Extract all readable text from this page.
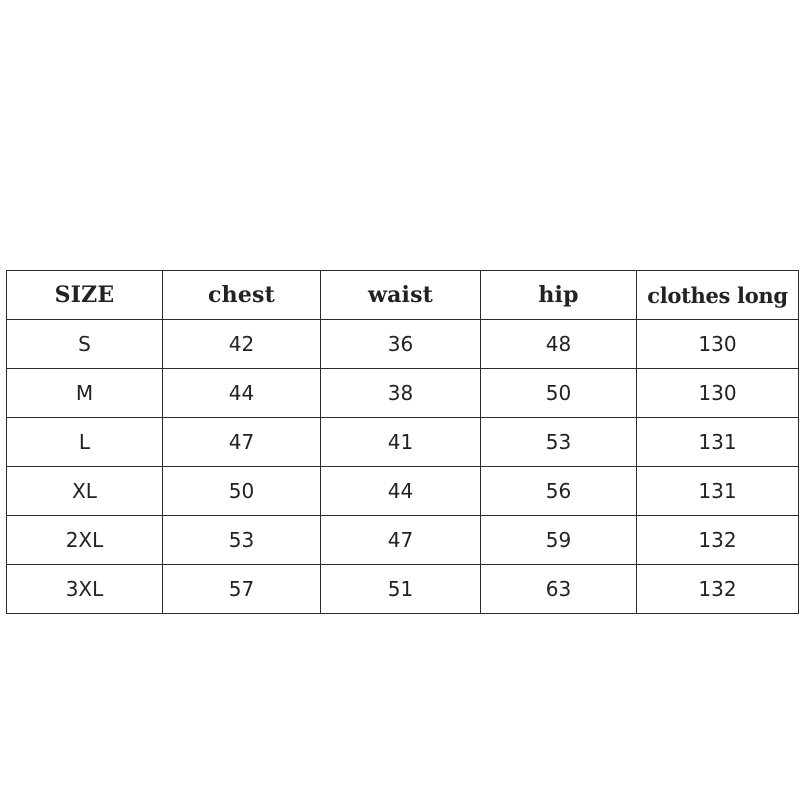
SIZE	chest	waist	hip	clothes long
S	42	36	48	130
M	44	38	50	130
L	47	41	53	131
XL	50	44	56	131
2XL	53	47	59	132
3XL	57	51	63	132
